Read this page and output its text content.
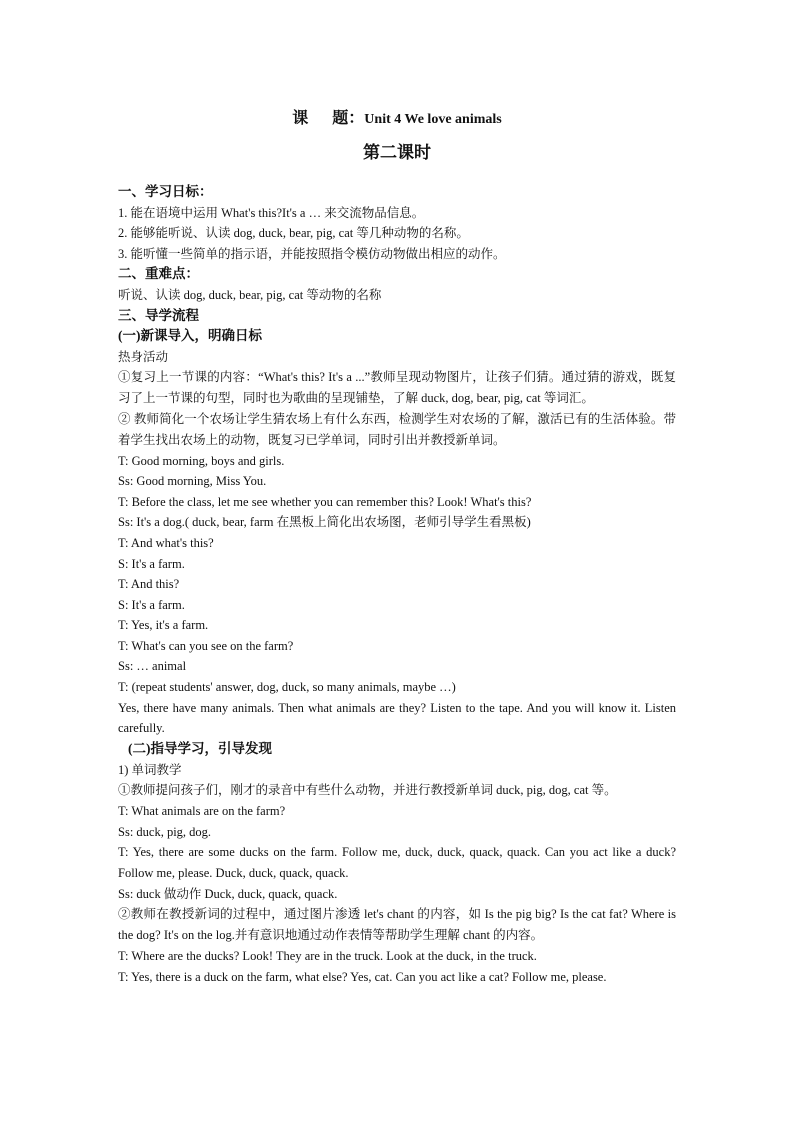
课 题：Unit 4 We love animals
第二课时
一、学习日标：
1. 能在语境中运用 What's this?It's a … 来交流物品信息。
2. 能够能听说、认读 dog, duck, bear, pig, cat 等几种动物的名称。
3. 能听懂一些简单的指示语，并能按照指令模仿动物做出相应的动作。
二、重难点：
听说、认读 dog, duck, bear, pig, cat 等动物的名称
三、导学流程
(一)新课导入，明确日标
热身活动
①复习上一节课的内容：“What's this? It's a ...”教师呈现动物图片，让孩子们猜。通过猜的游戏，既复习了上一节课的句型，同时也为歌曲的呈现铺垫，了解 duck, dog, bear, pig, cat 等词汇。
② 教师简化一个农场让学生猜农场上有什么东西，检测学生对农场的了解，激活已有的生活体验。带着学生找出农场上的动物，既复习已学单词，同时引出并教授新单词。
T: Good morning, boys and girls.
Ss: Good morning, Miss You.
T: Before the class, let me see whether you can remember this? Look! What's this?
Ss: It's a dog.( duck, bear, farm 在黑板上简化出农场图，老师引导学生看黑板)
T: And what's this?
S: It's a farm.
T: And this?
S: It's a farm.
T: Yes, it's a farm.
T: What's can you see on the farm?
Ss: … animal
T: (repeat students' answer, dog, duck, so many animals, maybe …)
Yes, there have many animals. Then what animals are they? Listen to the tape. And you will know it. Listen carefully.
(二)指导学习，引导发现
1) 单词教学
①教师提问孩子们，刚才的录音中有些什么动物，并进行教授新单词 duck, pig, dog, cat 等。
T: What animals are on the farm?
Ss: duck, pig, dog.
T: Yes, there are some ducks on the farm. Follow me, duck, duck, quack, quack. Can you act like a duck? Follow me, please. Duck, duck, quack, quack.
Ss: duck 做动作 Duck, duck, quack, quack.
②教师在教授新词的过程中，通过图片渗透 let's chant 的内容，如 Is the pig big? Is the cat fat? Where is the dog? It's on the log.并有意识地通过动作表情等帮助学生理解 chant 的内容。
T: Where are the ducks? Look! They are in the truck. Look at the duck, in the truck.
T: Yes, there is a duck on the farm, what else? Yes, cat. Can you act like a cat? Follow me, please.
